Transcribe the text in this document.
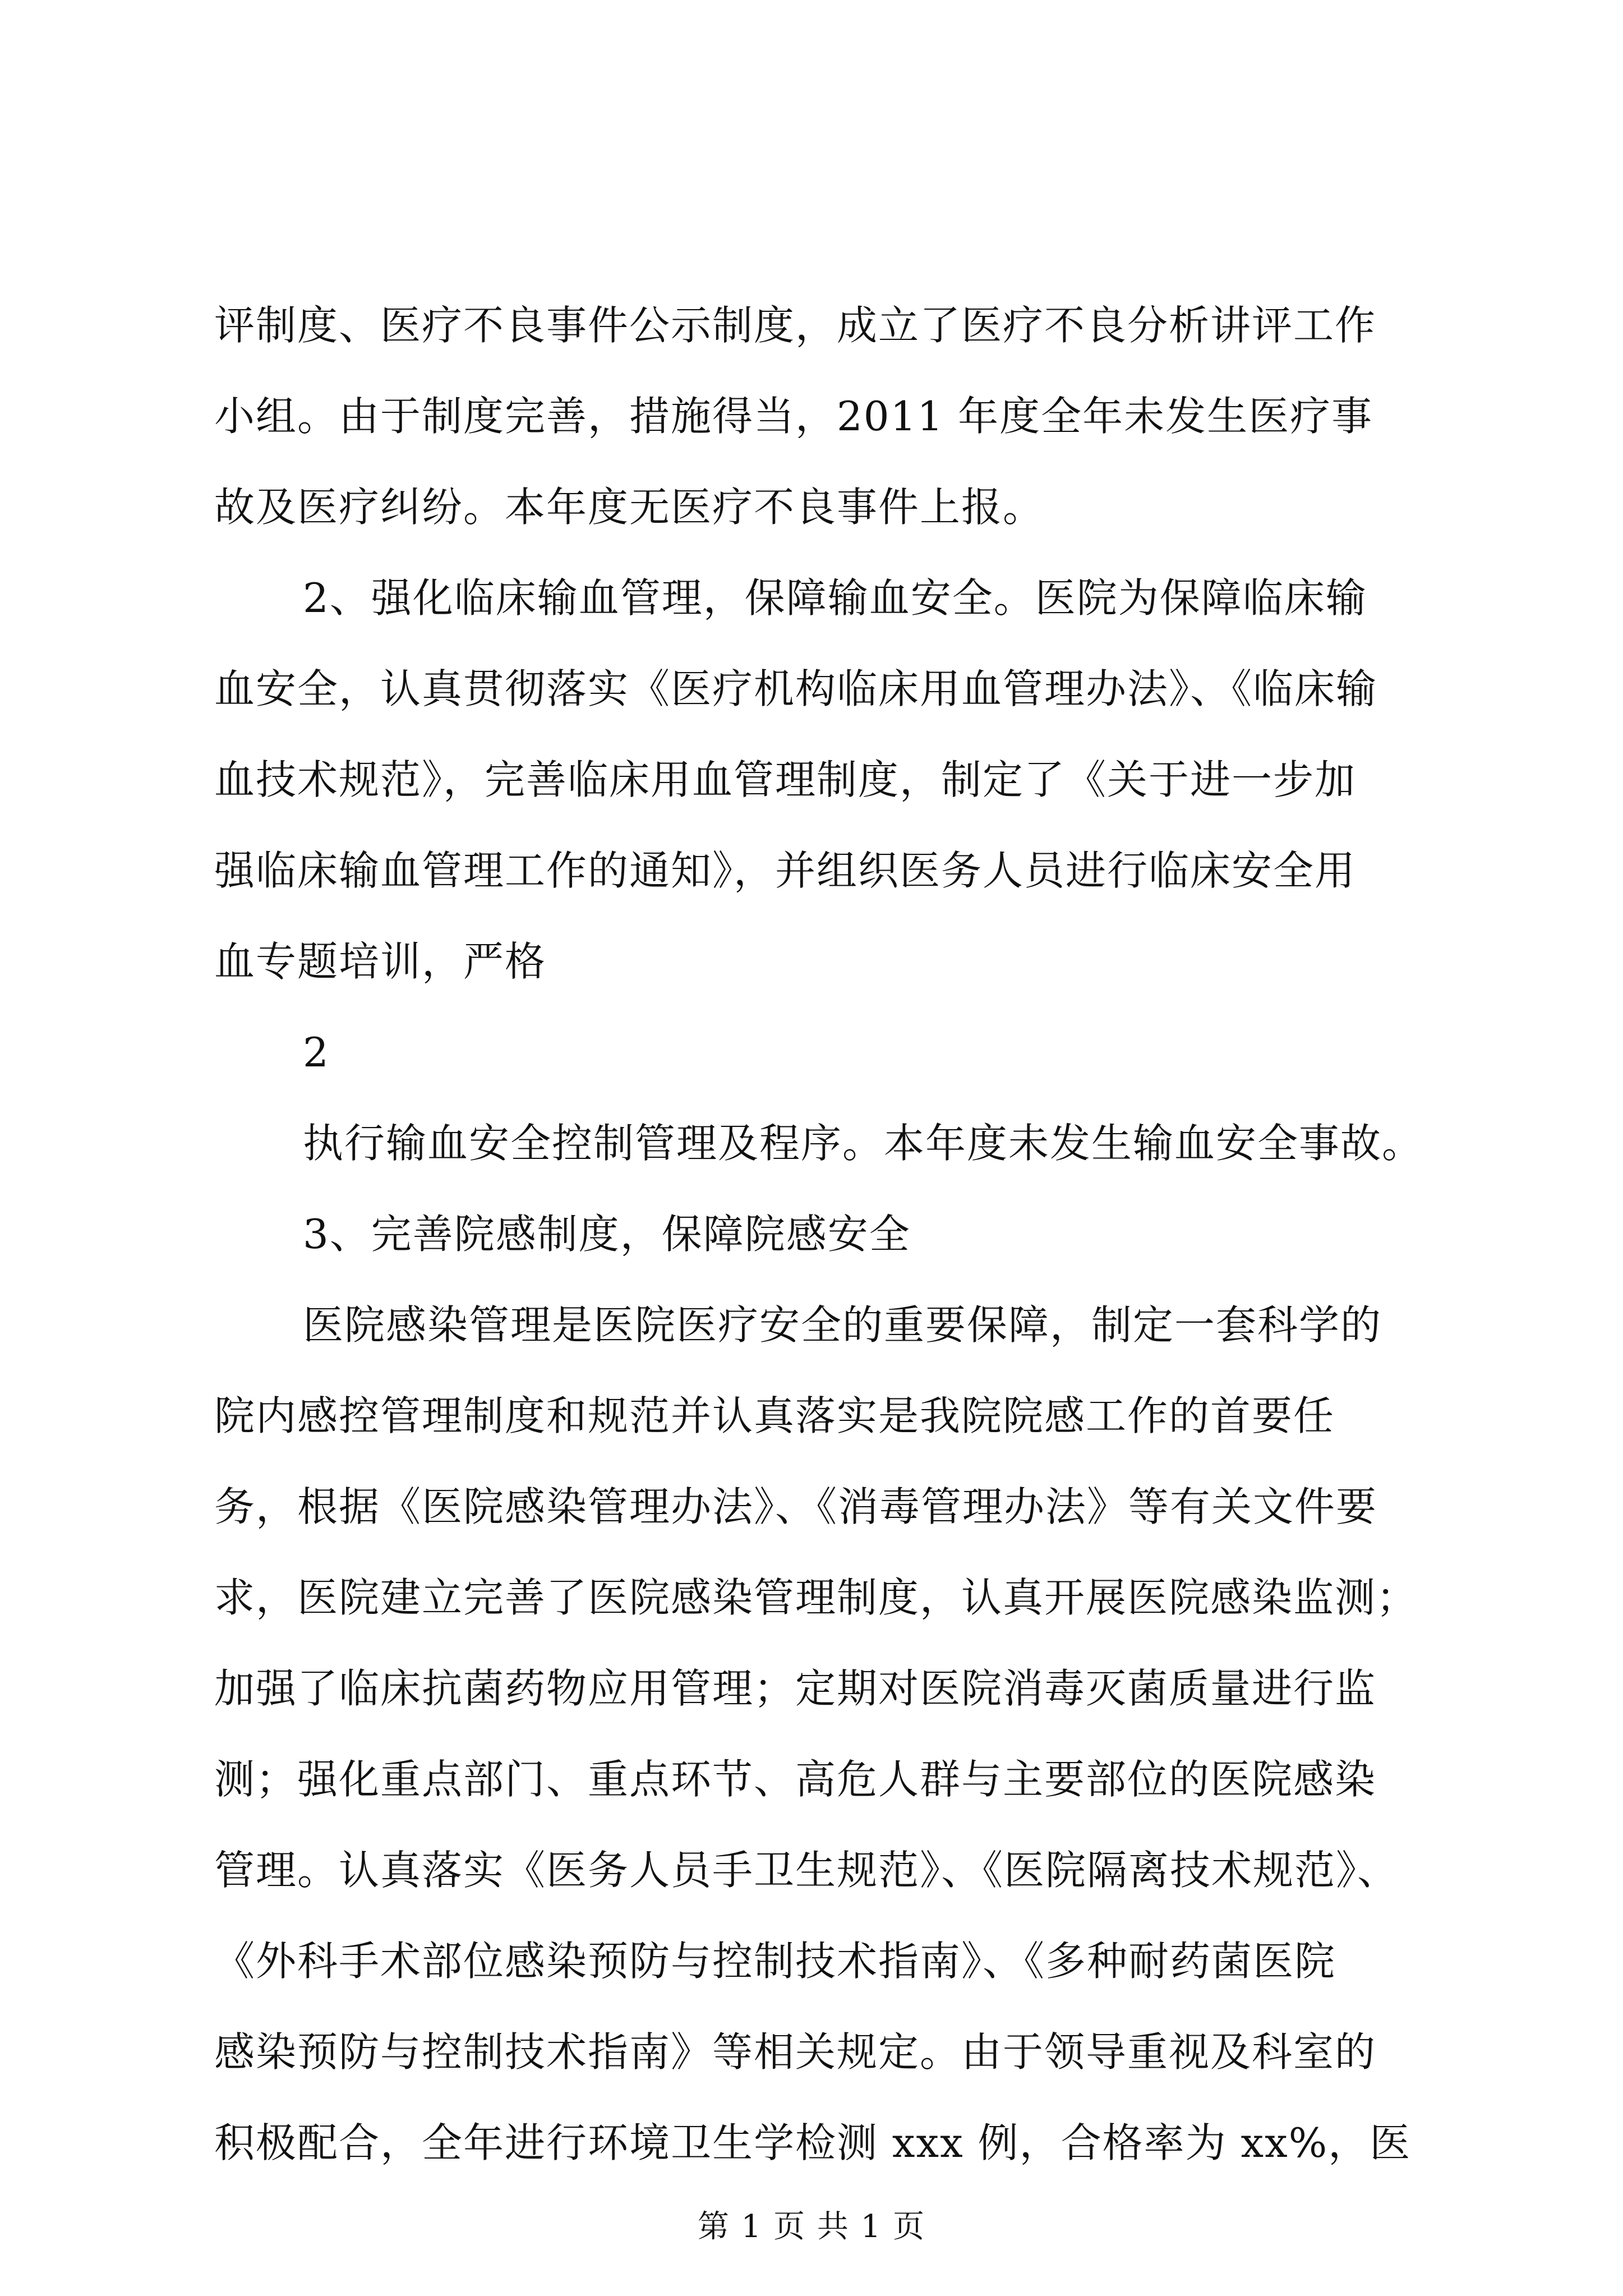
评制度、医疗不良事件公示制度，成立了医疗不良分析讲评工作

小组。由于制度完善，措施得当，2011 年度全年未发生医疗事

故及医疗纠纷。本年度无医疗不良事件上报。

2、强化临床输血管理，保障输血安全。医院为保障临床输

血安全，认真贯彻落实《医疗机构临床用血管理办法》、《临床输

血技术规范》，完善临床用血管理制度，制定了《关于进一步加

强临床输血管理工作的通知》，并组织医务人员进行临床安全用

血专题培训，严格

2

执行输血安全控制管理及程序。本年度未发生输血安全事故。

3、完善院感制度，保障院感安全

医院感染管理是医院医疗安全的重要保障，制定一套科学的

院内感控管理制度和规范并认真落实是我院院感工作的首要任

务，根据《医院感染管理办法》、《消毒管理办法》等有关文件要

求，医院建立完善了医院感染管理制度，认真开展医院感染监测；

加强了临床抗菌药物应用管理；定期对医院消毒灭菌质量进行监

测；强化重点部门、重点环节、高危人群与主要部位的医院感染

管理。认真落实《医务人员手卫生规范》、《医院隔离技术规范》、

《外科手术部位感染预防与控制技术指南》、《多种耐药菌医院

感染预防与控制技术指南》等相关规定。由于领导重视及科室的

积极配合，全年进行环境卫生学检测 xxx 例，合格率为 xx%，医

第 1 页 共 1 页
